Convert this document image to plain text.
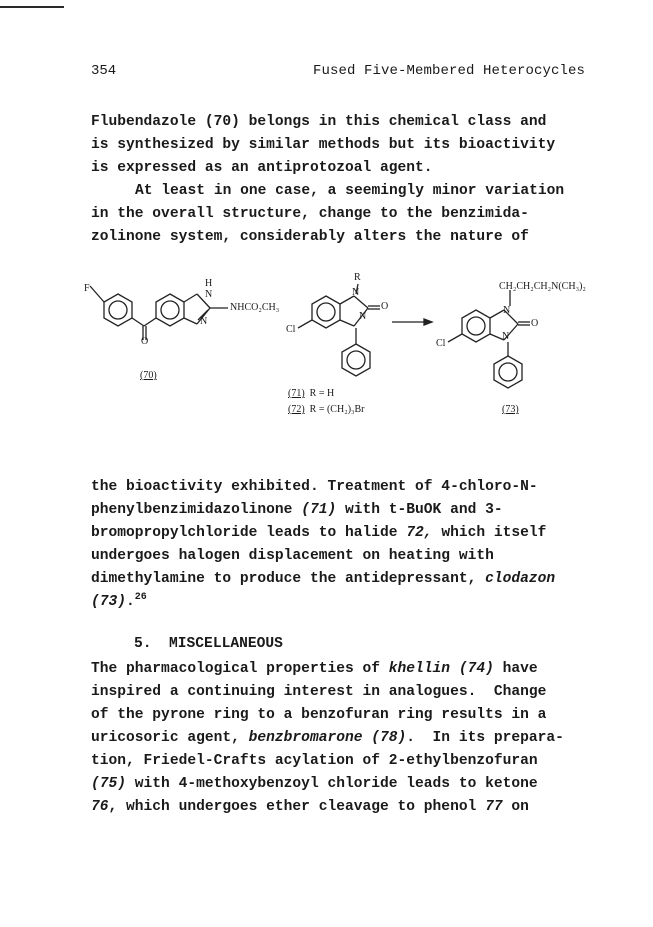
354	Fused Five-Membered Heterocycles

Flubendazole (70) belongs in this chemical class and
is synthesized by similar methods but its bioactivity
is expressed as an antiprotozoal agent.

At least in one case, a seemingly minor variation
in the overall structure, change to the benzimida-
zolinone system, considerably alters the nature of

F	H
N
N
NHCO₂CH₃
O
(70)
R
N
N
O
Cl
(71) R = H
(72) R = (CH₂)₃Br
CH₂CH₂CH₂N(CH₃)₂
N
N
O
Cl
(73)

the bioactivity exhibited. Treatment of 4-chloro-N-
phenylbenzimidazolinone (71) with t-BuOK and 3-
bromopropylchloride leads to halide 72, which itself
undergoes halogen displacement on heating with
dimethylamine to produce the antidepressant, clodazon
(73).$^{26}$

5.  MISCELLANEOUS

The pharmacological properties of khellin (74) have
inspired a continuing interest in analogues.  Change
of the pyrone ring to a benzofuran ring results in a
uricosoric agent, benzbromarone (78).  In its prepara-
tion, Friedel-Crafts acylation of 2-ethylbenzofuran
(75) with 4-methoxybenzoyl chloride leads to ketone
76, which undergoes ether cleavage to phenol 77 on
